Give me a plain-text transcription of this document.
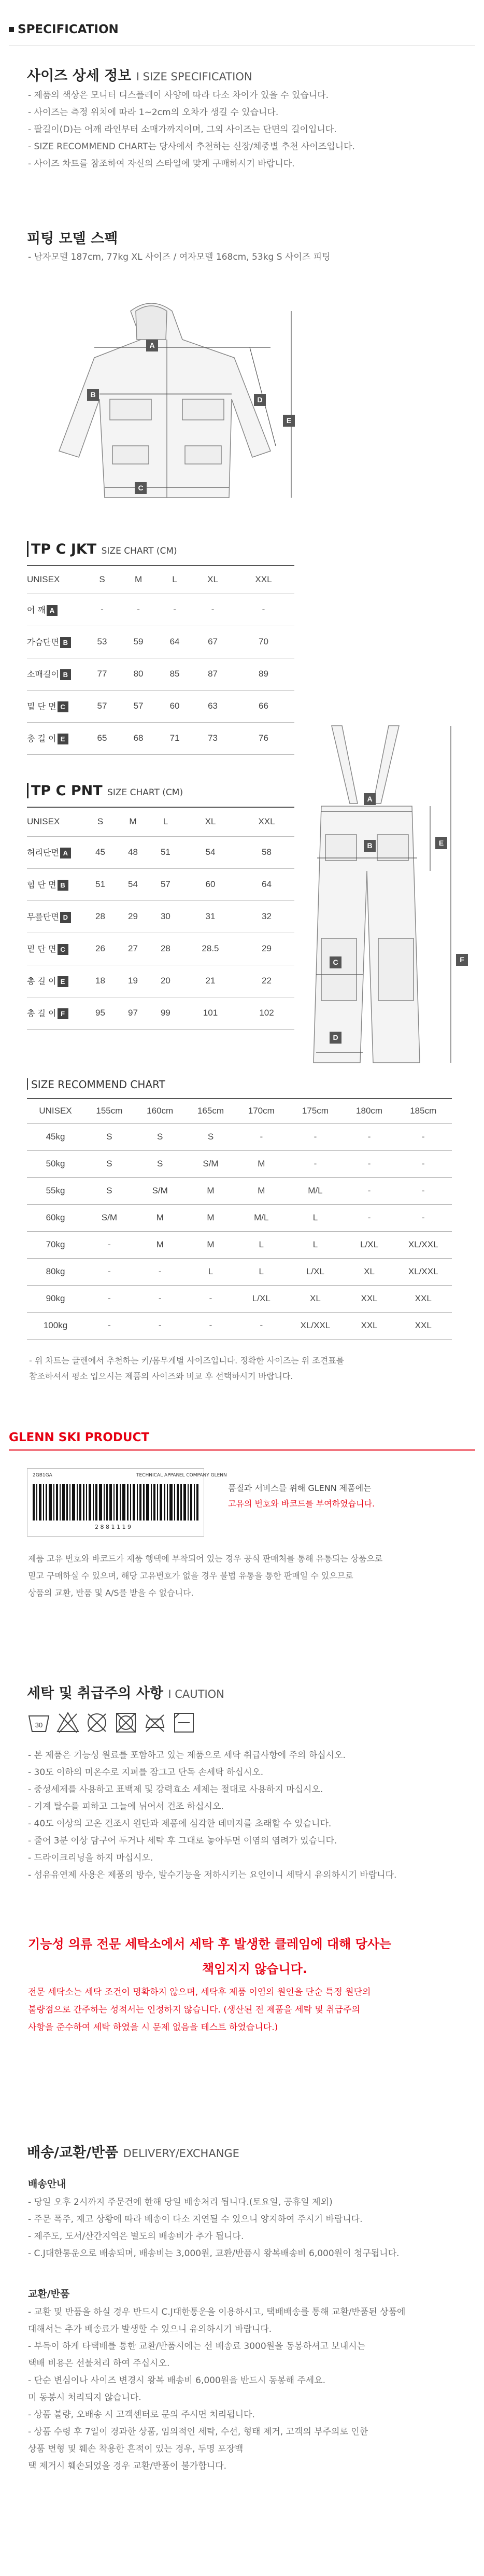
SPECIFICATION
사이즈 상세 정보 I SIZE SPECIFICATION
- 제품의 색상은 모니터 디스플레이 사양에 따라 다소 차이가 있을 수 있습니다.
- 사이즈는 측정 위치에 따라 1~2cm의 오차가 생길 수 있습니다.
- 팔길이(D)는 어깨 라인부터 소매가까지이며, 그외 사이즈는 단면의 길이입니다.
- SIZE RECOMMEND CHART는 당사에서 추천하는 신장/체중별 추천 사이즈입니다.
- 사이즈 차트를 참조하여 자신의 스타일에 맞게 구매하시기 바랍니다.
피팅 모델 스펙
- 남자모델 187cm, 77kg XL 사이즈 / 여자모델 168cm, 53kg S 사이즈 피팅
A
B
C
D
E
TP C JKT SIZE CHART (CM)
UNISEX	S	M	L	XL	XXL
어 깨 A	-	-	-	-	-
가슴단면 B	53	59	64	67	70
소매길이 B	77	80	85	87	89
밑 단 면 C	57	57	60	63	66
총 길 이 E	65	68	71	73	76
A
B
C
D
E
F
TP C PNT SIZE CHART (CM)
UNISEX	S	M	L	XL	XXL
허리단면 A	45	48	51	54	58
힙 단 면 B	51	54	57	60	64
무릎단면 D	28	29	30	31	32
밑 단 면 C	26	27	28	28.5	29
총 길 이 E	18	19	20	21	22
총 길 이 F	95	97	99	101	102
SIZE RECOMMEND CHART
UNISEX	155cm	160cm	165cm	170cm	175cm	180cm	185cm
45kg	S	S	S	-	-	-	-
50kg	S	S	S/M	M	-	-	-
55kg	S	S/M	M	M	M/L	-	-
60kg	S/M	M	M	M/L	L	-	-
70kg	-	M	M	L	L	L/XL	XL/XXL
80kg	-	-	L	L	L/XL	XL	XL/XXL
90kg	-	-	-	L/XL	XL	XXL	XXL
100kg	-	-	-	-	XL/XXL	XXL	XXL
- 위 차트는 글렌에서 추천하는 키/몸무게별 사이즈입니다. 정확한 사이즈는 위 조견표를
참조하셔서 평소 입으시는 제품의 사이즈와 비교 후 선택하시기 바랍니다.
GLENN SKI PRODUCT
TECHNICAL APPAREL COMPANY GLENN
2GB1GA
2 8 8 1 1 1 9
품질과 서비스를 위해 GLENN 제품에는
고유의 번호와 바코드를 부여하였습니다.
제품 고유 번호와 바코드가 제품 행택에 부착되어 있는 경우 공식 판매처를 통해 유통되는 상품으로
믿고 구매하실 수 있으며, 해당 고유번호가 없을 경우 불법 유통을 통한 판매일 수 있으므로
상품의 교환, 반품 및 A/S를 받을 수 없습니다.
세탁 및 취급주의 사항 I CAUTION
30
- 본 제품은 기능성 원료를 포함하고 있는 제품으로 세탁 취급사항에 주의 하십시오.
- 30도 이하의 미온수로 지퍼를 잠그고 단독 손세탁 하십시오.
- 중성세제를 사용하고 표백제 및 강력효소 세제는 절대로 사용하지 마십시오.
- 기계 탈수를 피하고 그늘에 뉘어서 건조 하십시오.
- 40도 이상의 고온 건조시 원단과 제품에 심각한 데미지를 초래할 수 있습니다.
- 줄어 3분 이상 담구어 두거나 세탁 후 그대로 놓아두면 이염의 염려가 있습니다.
- 드라이크리닝을 하지 마십시오.
- 섬유유연제 사용은 제품의 방수, 발수기능을 저하시키는 요인이니 세탁시 유의하시기 바랍니다.
기능성 의류 전문 세탁소에서 세탁 후 발생한 클레임에 대해 당사는
책임지지 않습니다.
전문 세탁소는 세탁 조건이 명확하지 않으며, 세탁후 제품 이염의 원인을 단순 특정 원단의
불량점으로 간주하는 성적서는 인정하지 않습니다. (생산된 전 제품을 세탁 및 취급주의
사항을 준수하여 세탁 하였을 시 문제 없음을 테스트 하였습니다.)
배송/교환/반품 DELIVERY/EXCHANGE
배송안내
- 당일 오후 2시까지 주문건에 한해 당일 배송처리 됩니다.(토요일, 공휴일 제외)
- 주문 폭주, 재고 상황에 따라 배송이 다소 지연될 수 있으니 양지하여 주시기 바랍니다.
- 제주도, 도서/산간지역은 별도의 배송비가 추가 됩니다.
- C.J대한통운으로 배송되며, 배송비는 3,000원, 교환/반품시 왕복배송비 6,000원이 청구됩니다.
교환/반품
- 교환 및 반품을 하실 경우 반드시 C.J대한통운을 이용하시고, 택배배송를 통해 교환/반품된 상품에
대해서는 추가 배송료가 발생할 수 있으니 유의하시기 바랍니다.
- 부득이 하게 타택배를 통한 교환/반품시에는 선 배송료 3000원을 동봉하셔고 보내시는
택배 비용은 선불처리 하여 주십시오.
- 단순 변심이나 사이즈 변경시 왕복 배송비 6,000원을 반드시 동봉해 주세요.
미 동봉시 처리되지 않습니다.
- 상품 불량, 오배송 시 고객센터로 문의 주시면 처리됩니다.
- 상품 수령 후 7일이 경과한 상품, 임의적인 세탁, 수선, 형태 제거, 고객의 부주의로 인한
상품 변형 및 훼손 착용한 흔적이 있는 경우, 두명 포장백
택 제거시 훼손되었을 경우 교환/반품이 불가합니다.
